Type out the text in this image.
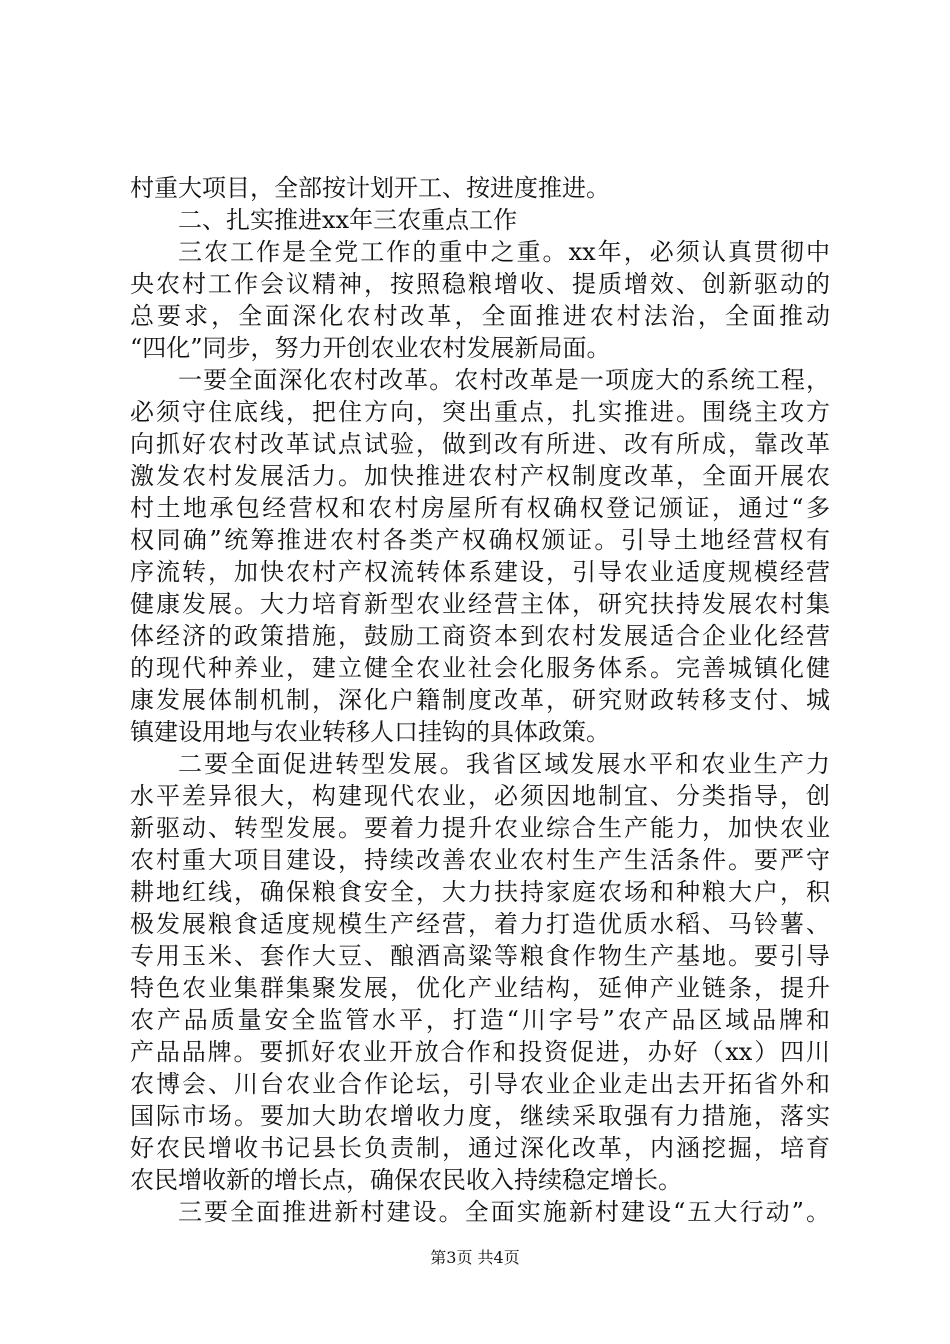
村重大项目，全部按计划开工、按进度推进。
二、扎实推进xx年三农重点工作
三农工作是全党工作的重中之重。xx年，必须认真贯彻中
央农村工作会议精神，按照稳粮增收、提质增效、创新驱动的
总要求，全面深化农村改革，全面推进农村法治，全面推动
“四化”同步，努力开创农业农村发展新局面。
一要全面深化农村改革。农村改革是一项庞大的系统工程，
必须守住底线，把住方向，突出重点，扎实推进。围绕主攻方
向抓好农村改革试点试验，做到改有所进、改有所成，靠改革
激发农村发展活力。加快推进农村产权制度改革，全面开展农
村土地承包经营权和农村房屋所有权确权登记颁证，通过“多
权同确”统筹推进农村各类产权确权颁证。引导土地经营权有
序流转，加快农村产权流转体系建设，引导农业适度规模经营
健康发展。大力培育新型农业经营主体，研究扶持发展农村集
体经济的政策措施，鼓励工商资本到农村发展适合企业化经营
的现代种养业，建立健全农业社会化服务体系。完善城镇化健
康发展体制机制，深化户籍制度改革，研究财政转移支付、城
镇建设用地与农业转移人口挂钩的具体政策。
二要全面促进转型发展。我省区域发展水平和农业生产力
水平差异很大，构建现代农业，必须因地制宜、分类指导，创
新驱动、转型发展。要着力提升农业综合生产能力，加快农业
农村重大项目建设，持续改善农业农村生产生活条件。要严守
耕地红线，确保粮食安全，大力扶持家庭农场和种粮大户，积
极发展粮食适度规模生产经营，着力打造优质水稻、马铃薯、
专用玉米、套作大豆、酿酒高粱等粮食作物生产基地。要引导
特色农业集群集聚发展，优化产业结构，延伸产业链条，提升
农产品质量安全监管水平，打造“川字号”农产品区域品牌和
产品品牌。要抓好农业开放合作和投资促进，办好（xx）四川
农博会、川台农业合作论坛，引导农业企业走出去开拓省外和
国际市场。要加大助农增收力度，继续采取强有力措施，落实
好农民增收书记县长负责制，通过深化改革，内涵挖掘，培育
农民增收新的增长点，确保农民收入持续稳定增长。
三要全面推进新村建设。全面实施新村建设“五大行动”。
第3页 共4页
